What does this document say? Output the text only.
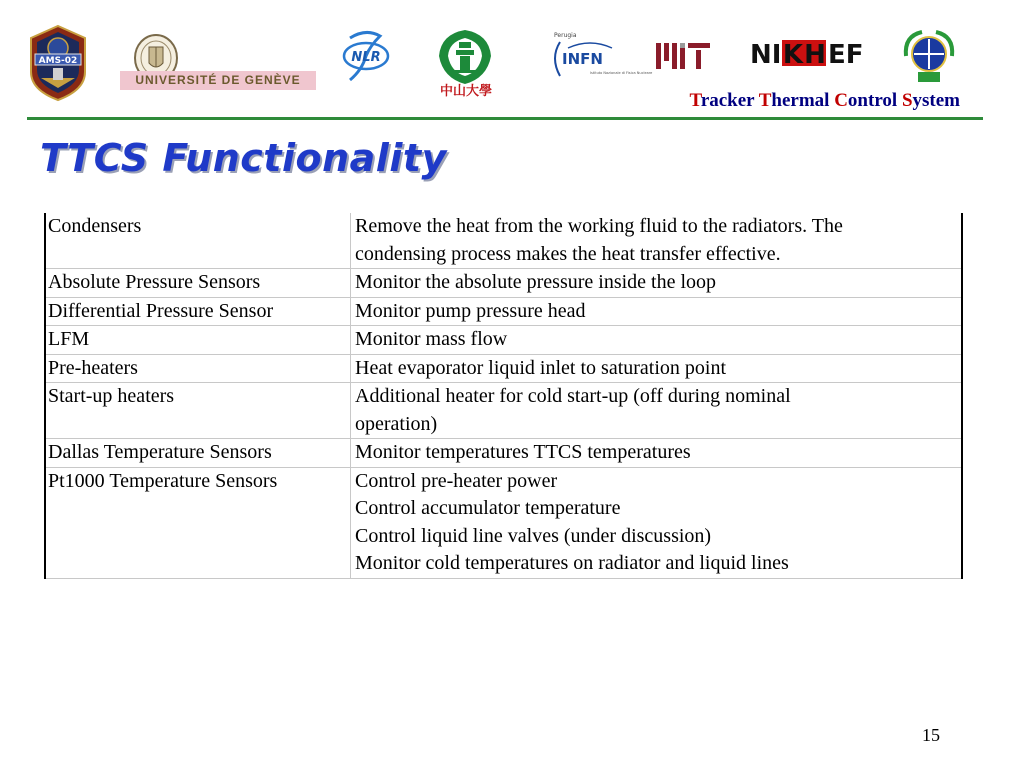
AMS-02
UNIVERSITÉ DE GENÈVE
NLR
中山大學
Perugia
INFN
Istituto Nazionale di Fisica Nucleare
NI K H EF
Tracker Thermal Control System
TTCS Functionality
Condensers	Remove the heat from the working fluid to the radiators. The
condensing process makes the heat transfer effective.

Absolute Pressure Sensors	Monitor the absolute pressure inside the loop

Differential Pressure Sensor	Monitor pump pressure head

LFM	Monitor mass flow

Pre-heaters	Heat evaporator liquid inlet to saturation point

Start-up heaters	Additional heater for cold start-up (off during nominal
operation)

Dallas Temperature Sensors	Monitor temperatures TTCS temperatures

Pt1000 Temperature Sensors	Control pre-heater power
Control accumulator temperature
Control liquid line valves (under discussion)
Monitor cold temperatures on radiator and liquid lines
15
